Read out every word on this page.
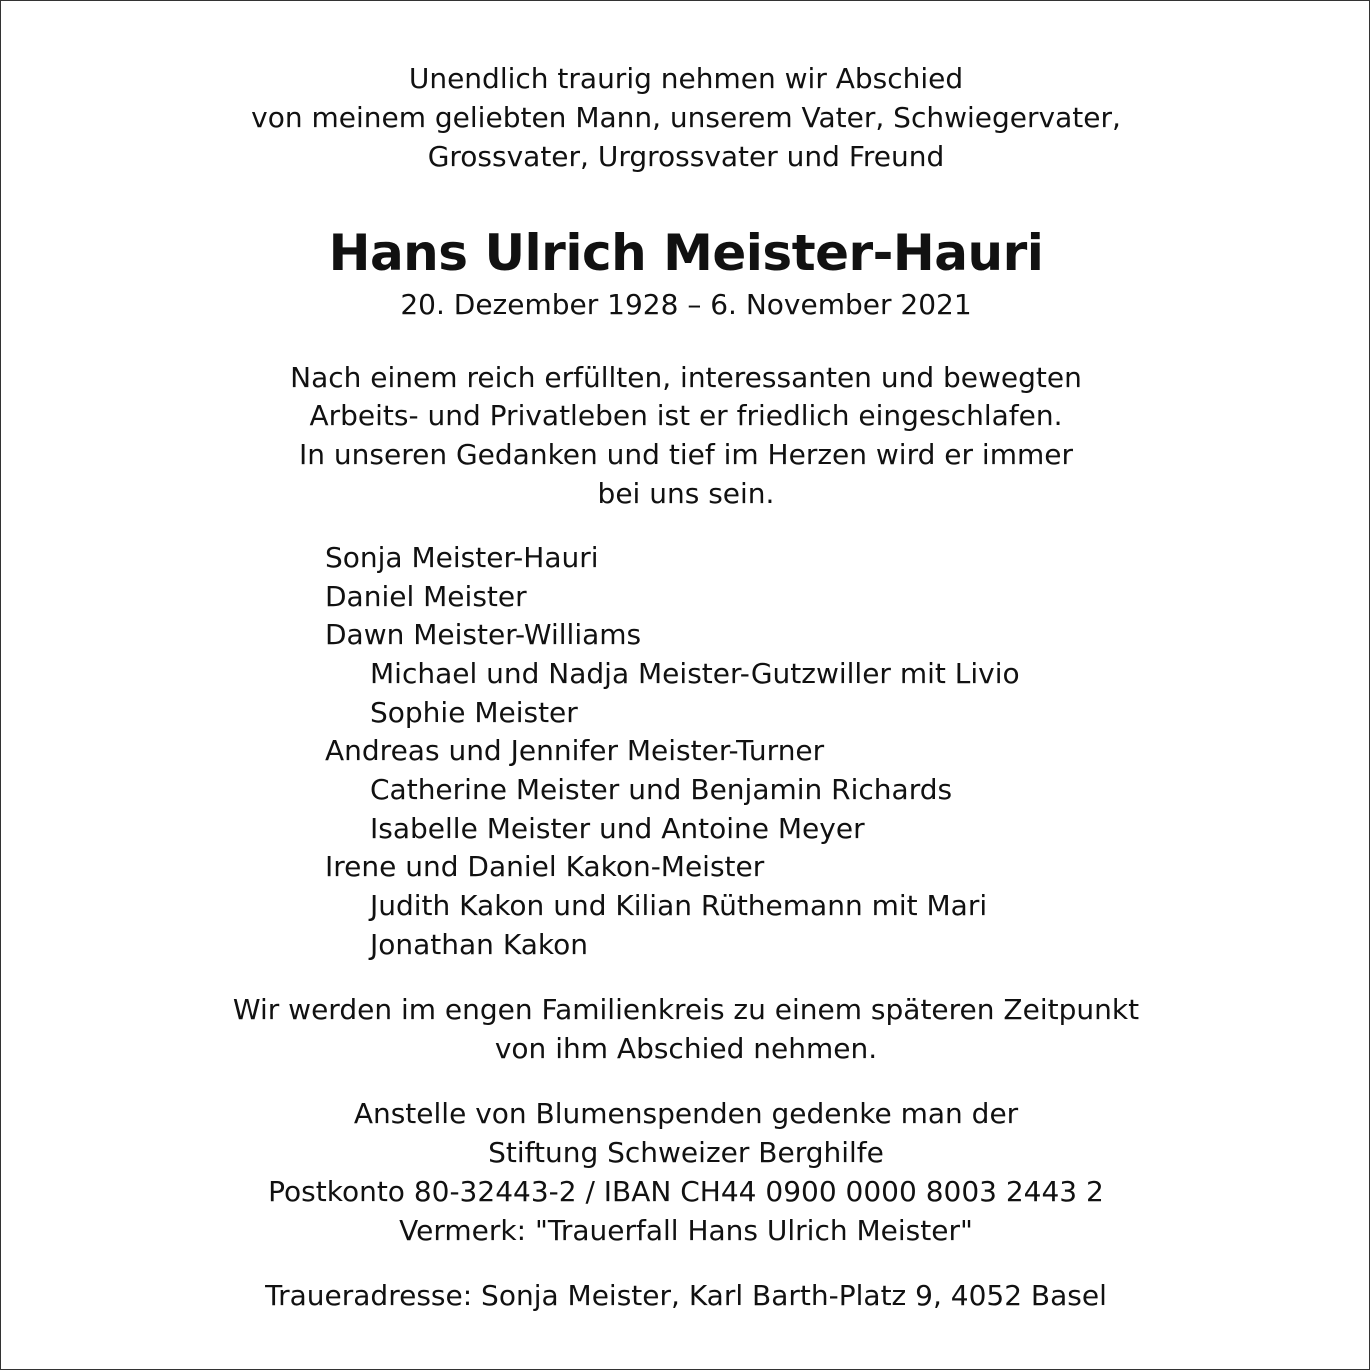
Unendlich traurig nehmen wir Abschied
von meinem geliebten Mann, unserem Vater, Schwiegervater,
Grossvater, Urgrossvater und Freund
Hans Ulrich Meister-Hauri
20. Dezember 1928 – 6. November 2021
Nach einem reich erfüllten, interessanten und bewegten
Arbeits- und Privatleben ist er friedlich eingeschlafen.
In unseren Gedanken und tief im Herzen wird er immer
bei uns sein.
Sonja Meister-Hauri
Daniel Meister
Dawn Meister-Williams
Michael und Nadja Meister-Gutzwiller mit Livio
Sophie Meister
Andreas und Jennifer Meister-Turner
Catherine Meister und Benjamin Richards
Isabelle Meister und Antoine Meyer
Irene und Daniel Kakon-Meister
Judith Kakon und Kilian Rüthemann mit Mari
Jonathan Kakon
Wir werden im engen Familienkreis zu einem späteren Zeitpunkt
von ihm Abschied nehmen.
Anstelle von Blumenspenden gedenke man der
Stiftung Schweizer Berghilfe
Postkonto 80-32443-2 / IBAN CH44 0900 0000 8003 2443 2
Vermerk: "Trauerfall Hans Ulrich Meister"
Traueradresse: Sonja Meister, Karl Barth-Platz 9, 4052 Basel
